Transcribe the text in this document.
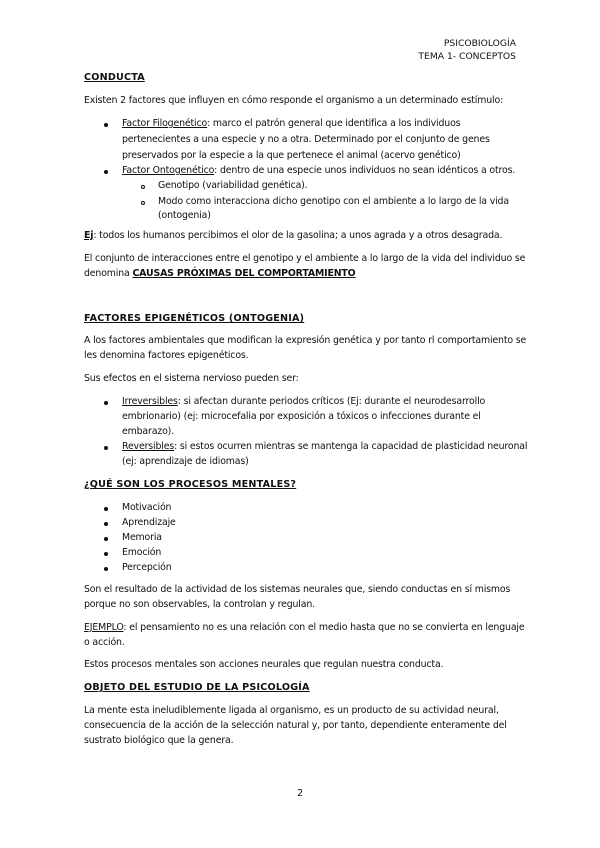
PSICOBIOLOGÍA
TEMA 1- CONCEPTOS
CONDUCTA
Existen 2 factores que influyen en cómo responde el organismo a un determinado estímulo:
Factor Filogenético: marco el patrón general que identifica a los individuos
pertenecientes a una especie y no a otra. Determinado por el conjunto de genes
preservados por la especie a la que pertenece el animal (acervo genético)
Factor Ontogenético: dentro de una especie unos individuos no sean idénticos a otros.
Genotipo (variabilidad genética).
Modo como interacciona dicho genotipo con el ambiente a lo largo de la vida
(ontogenia)
Ej: todos los humanos percibimos el olor de la gasolina; a unos agrada y a otros desagrada.
El conjunto de interacciones entre el genotipo y el ambiente a lo largo de la vida del individuo se
denomina CAUSAS PRÓXIMAS DEL COMPORTAMIENTO
FACTORES EPIGENÉTICOS (ONTOGENIA)
A los factores ambientales que modifican la expresión genética y por tanto rl comportamiento se
les denomina factores epigenéticos.
Sus efectos en el sistema nervioso pueden ser:
Irreversibles: si afectan durante periodos críticos (Ej: durante el neurodesarrollo
embrionario) (ej: microcefalia por exposición a tóxicos o infecciones durante el
embarazo).
Reversibles: si estos ocurren mientras se mantenga la capacidad de plasticidad neuronal
(ej: aprendizaje de idiomas)
¿QUÉ SON LOS PROCESOS MENTALES?
Motivación
Aprendizaje
Memoria
Emoción
Percepción
Son el resultado de la actividad de los sistemas neurales que, siendo conductas en sí mismos
porque no son observables, la controlan y regulan.
EJEMPLO: el pensamiento no es una relación con el medio hasta que no se convierta en lenguaje
o acción.
Estos procesos mentales son acciones neurales que regulan nuestra conducta.
OBJETO DEL ESTUDIO DE LA PSICOLOGÍA
La mente esta ineludiblemente ligada al organismo, es un producto de su actividad neural,
consecuencia de la acción de la selección natural y, por tanto, dependiente enteramente del
sustrato biológico que la genera.
2
